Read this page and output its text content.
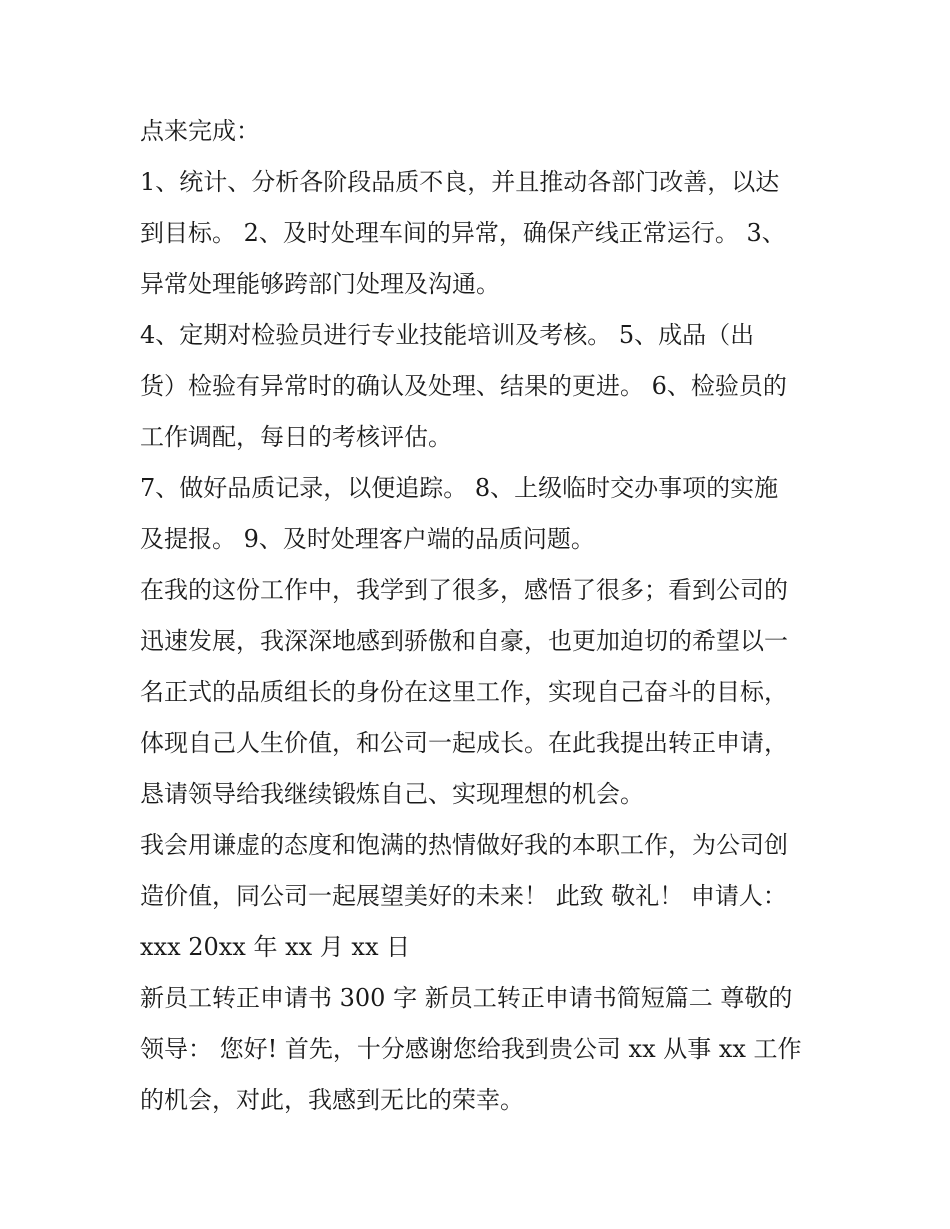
点来完成：
1、统计、分析各阶段品质不良，并且推动各部门改善，以达
到目标。 2、及时处理车间的异常，确保产线正常运行。 3、
异常处理能够跨部门处理及沟通。
4、定期对检验员进行专业技能培训及考核。 5、成品（出
货）检验有异常时的确认及处理、结果的更进。 6、检验员的
工作调配，每日的考核评估。
7、做好品质记录，以便追踪。 8、上级临时交办事项的实施
及提报。 9、及时处理客户端的品质问题。
在我的这份工作中，我学到了很多，感悟了很多；看到公司的
迅速发展，我深深地感到骄傲和自豪，也更加迫切的希望以一
名正式的品质组长的身份在这里工作，实现自己奋斗的目标，
体现自己人生价值，和公司一起成长。在此我提出转正申请，
恳请领导给我继续锻炼自己、实现理想的机会。
我会用谦虚的态度和饱满的热情做好我的本职工作，为公司创
造价值，同公司一起展望美好的未来！ 此致 敬礼！ 申请人：
xxx 20xx 年 xx 月 xx 日
新员工转正申请书 300 字 新员工转正申请书简短篇二 尊敬的
领导： 您好! 首先，十分感谢您给我到贵公司 xx 从事 xx 工作
的机会，对此，我感到无比的荣幸。
